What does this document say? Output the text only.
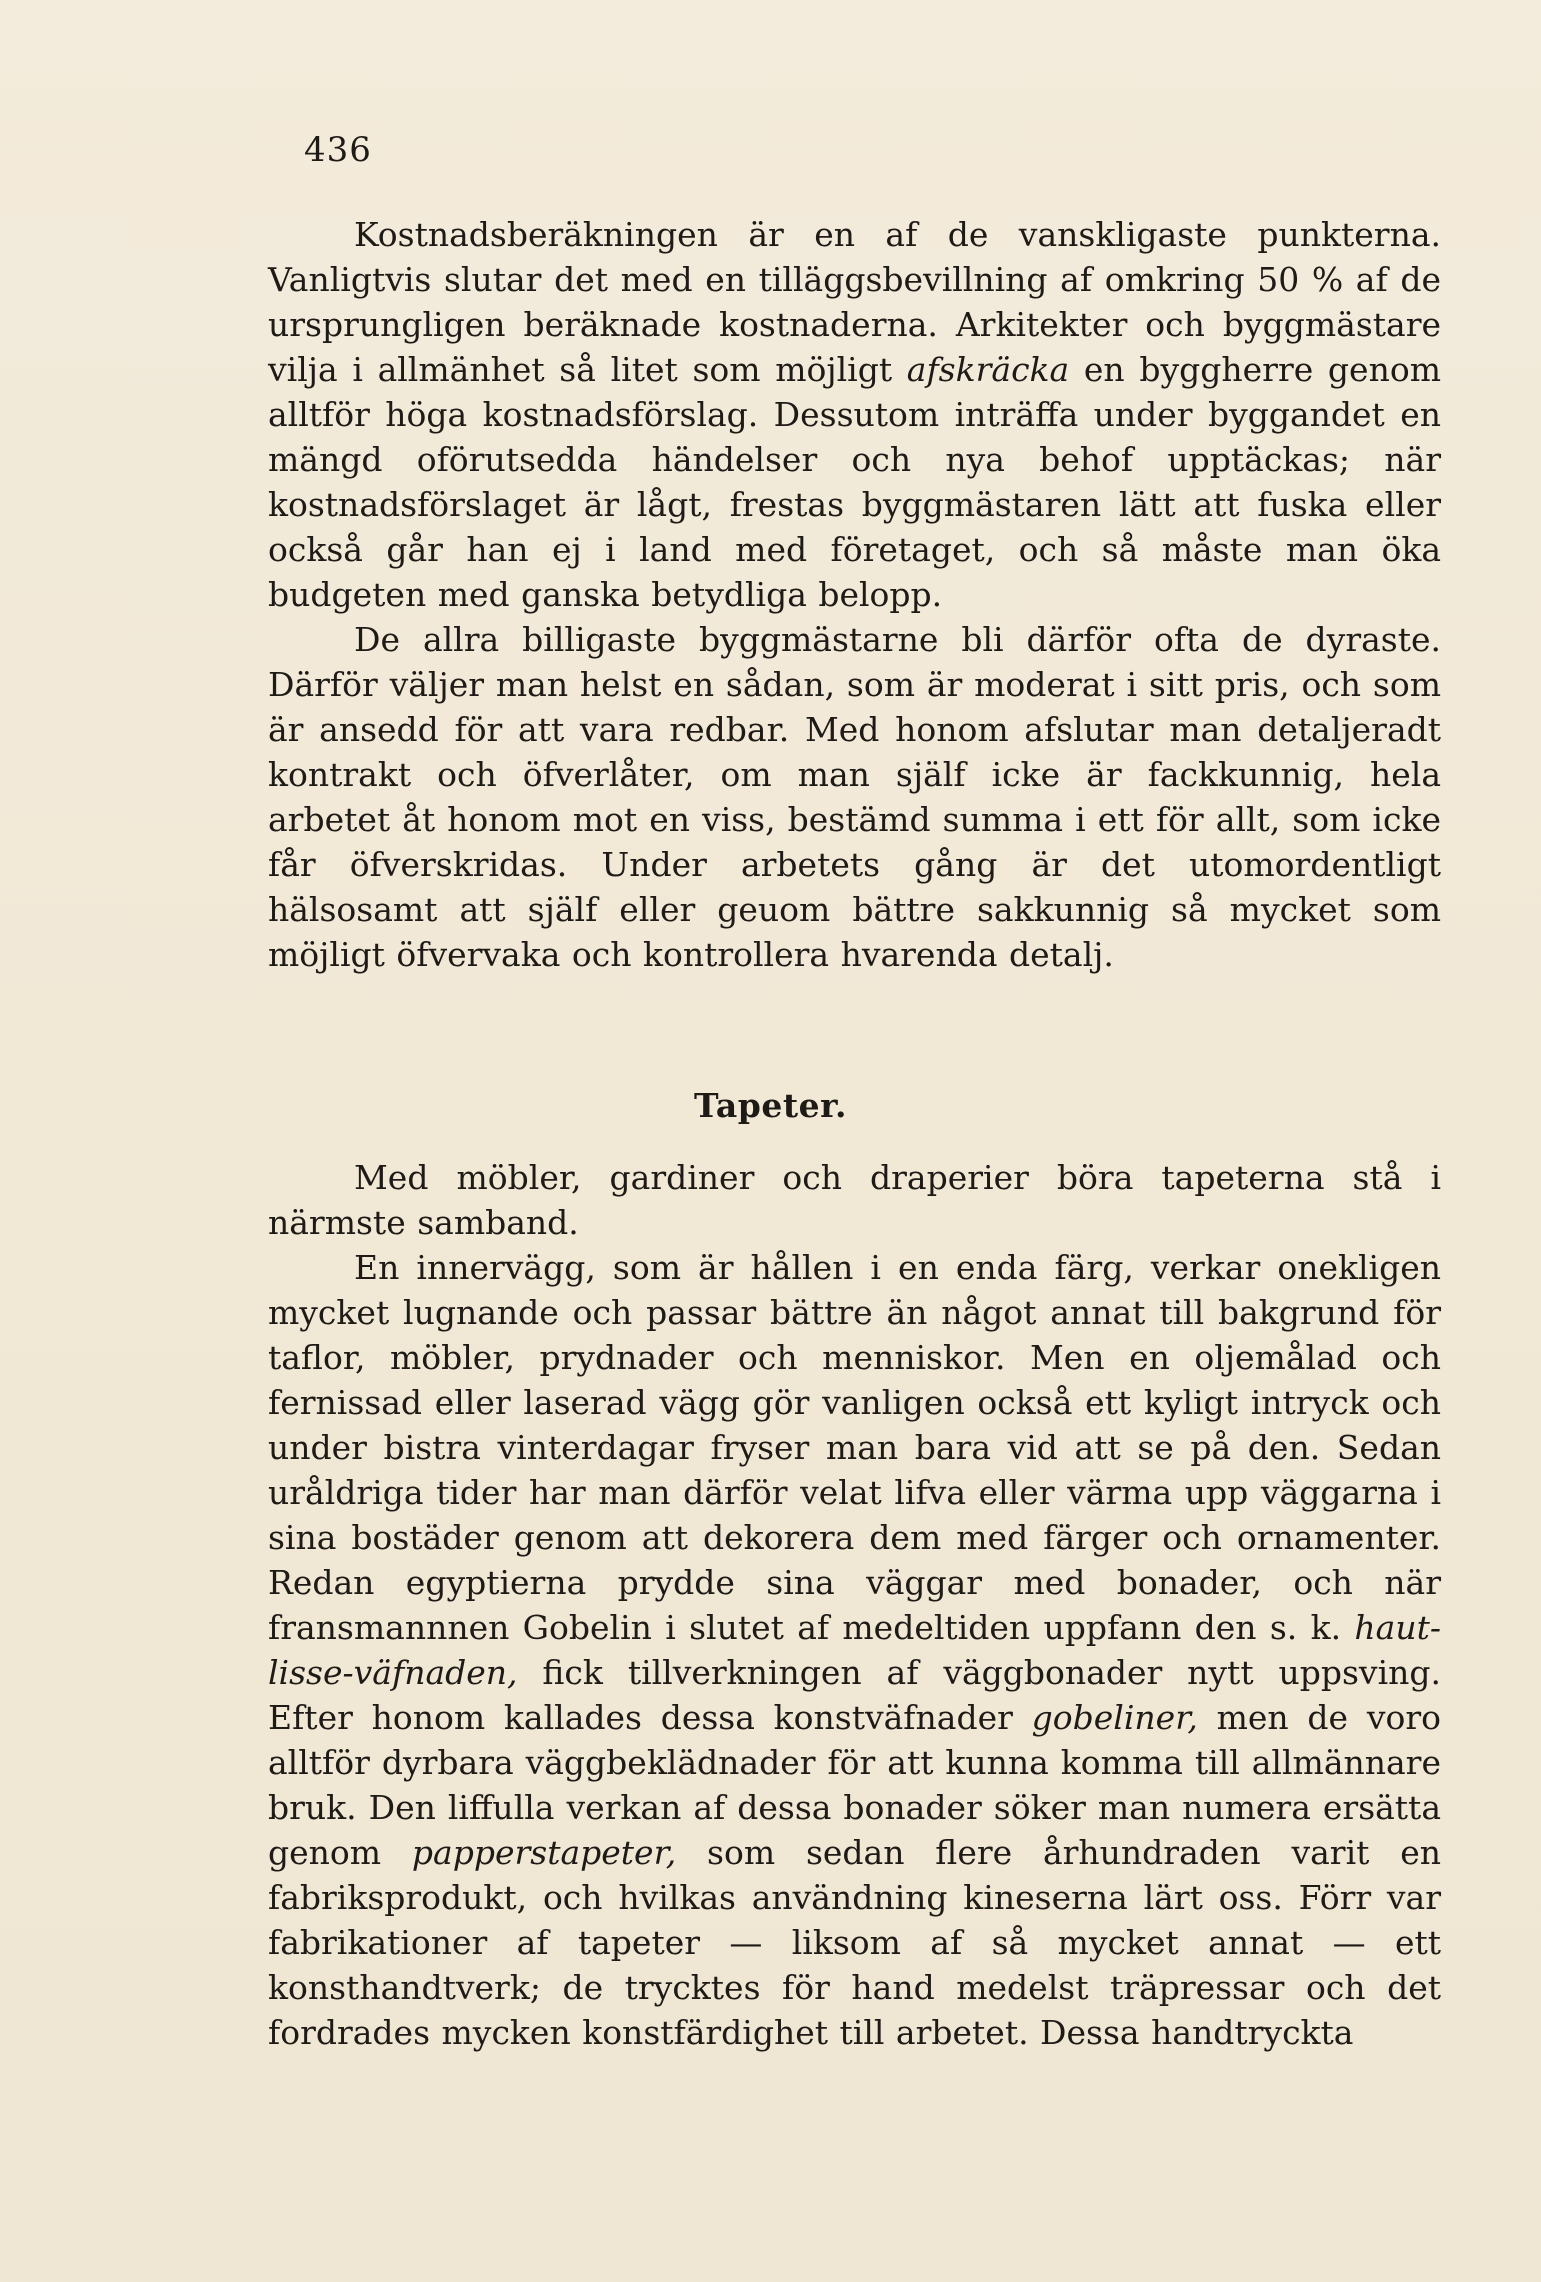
436

Kostnadsberäkningen är en af de vanskligaste punkterna. Vanligtvis slutar det med en tilläggsbevillning af omkring 50 % af de ursprungligen beräknade kostnaderna. Arkitekter och byggmästare vilja i allmänhet så litet som möjligt afskräcka en byggherre genom alltför höga kostnadsförslag. Dessutom inträffa under byggandet en mängd oförutsedda händelser och nya behof upptäckas; när kostnadsförslaget är lågt, frestas byggmästaren lätt att fuska eller också går han ej i land med företaget, och så måste man öka budgeten med ganska betydliga belopp.

De allra billigaste byggmästarne bli därför ofta de dyraste. Därför väljer man helst en sådan, som är moderat i sitt pris, och som är ansedd för att vara redbar. Med honom afslutar man detaljeradt kontrakt och öfverlåter, om man själf icke är fackkunnig, hela arbetet åt honom mot en viss, bestämd summa i ett för allt, som icke får öfverskridas. Under arbetets gång är det utomordentligt hälsosamt att själf eller geuom bättre sakkunnig så mycket som möjligt öfvervaka och kontrollera hvarenda detalj.

Tapeter.

Med möbler, gardiner och draperier böra tapeterna stå i närmste samband.

En innervägg, som är hållen i en enda färg, verkar onekligen mycket lugnande och passar bättre än något annat till bakgrund för taflor, möbler, prydnader och menniskor. Men en oljemålad och fernissad eller laserad vägg gör vanligen också ett kyligt intryck och under bistra vinterdagar fryser man bara vid att se på den. Sedan uråldriga tider har man därför velat lifva eller värma upp väggarna i sina bostäder genom att dekorera dem med färger och ornamenter. Redan egyptierna prydde sina väggar med bonader, och när fransmannnen Gobelin i slutet af medeltiden uppfann den s. k. haut-lisse-väfnaden, fick tillverkningen af väggbonader nytt uppsving. Efter honom kallades dessa konstväfnader gobeliner, men de voro alltför dyrbara väggbeklädnader för att kunna komma till allmännare bruk. Den liffulla verkan af dessa bonader söker man numera ersätta genom papperstapeter, som sedan flere århundraden varit en fabriksprodukt, och hvilkas användning kineserna lärt oss. Förr var fabrikationer af tapeter — liksom af så mycket annat — ett konsthandtverk; de trycktes för hand medelst träpressar och det fordrades mycken konstfärdighet till arbetet. Dessa handtryckta
